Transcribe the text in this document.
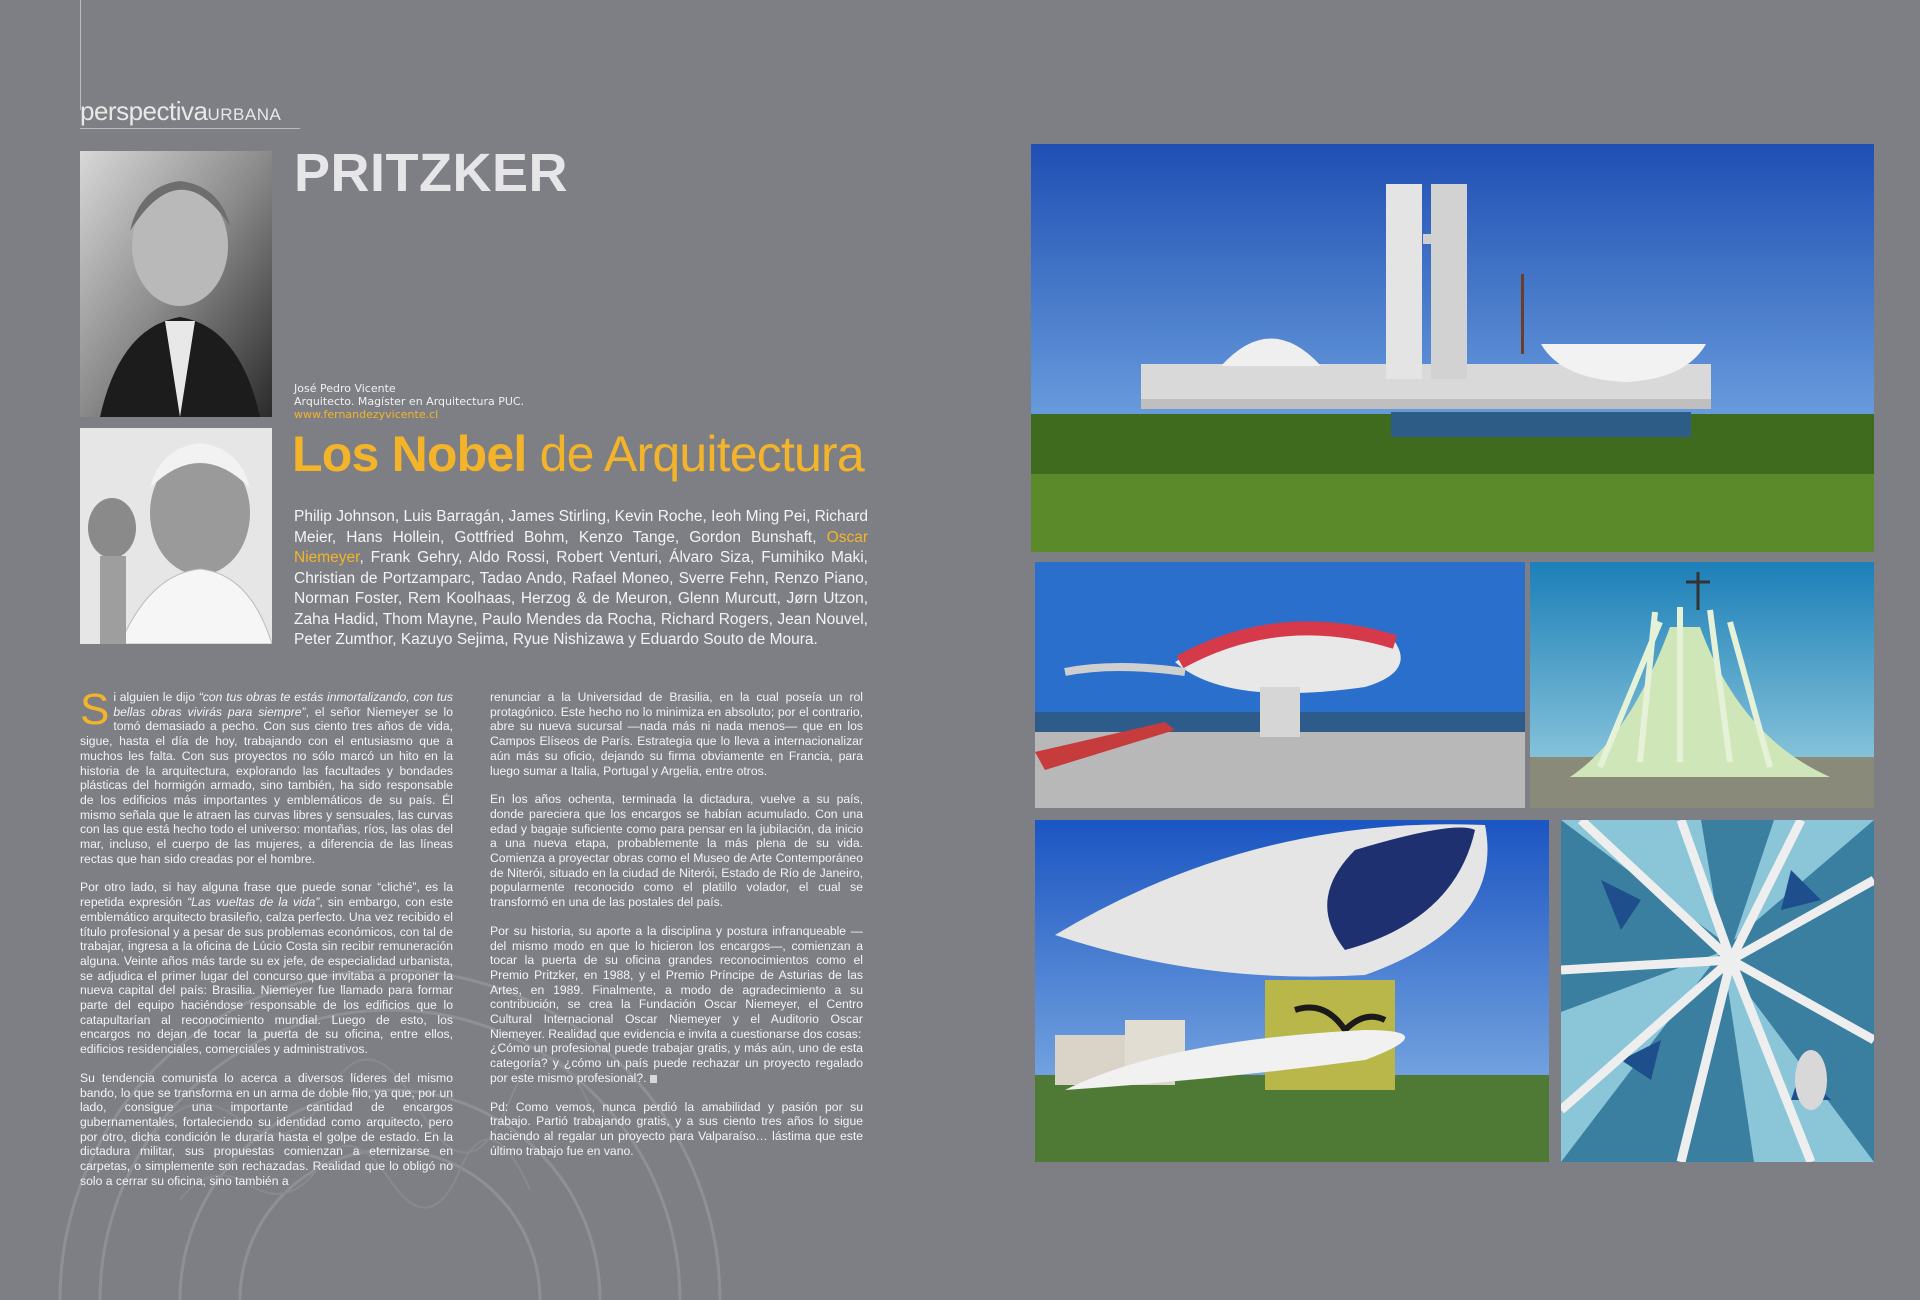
perspectivaURBANA
PRITZKER
José Pedro Vicente
Arquitecto. Magíster en Arquitectura PUC.
www.fernandezyvicente.cl
Los Nobel de Arquitectura
Philip Johnson, Luis Barragán, James Stirling, Kevin Roche, Ieoh Ming Pei, Richard Meier, Hans Hollein, Gottfried Bohm, Kenzo Tange, Gordon Bunshaft, Oscar Niemeyer, Frank Gehry, Aldo Rossi, Robert Venturi, Álvaro Siza, Fumihiko Maki, Christian de Portzamparc, Tadao Ando, Rafael Moneo, Sverre Fehn, Renzo Piano, Norman Foster, Rem Koolhaas, Herzog & de Meuron, Glenn Murcutt, Jørn Utzon, Zaha Hadid, Thom Mayne, Paulo Mendes da Rocha, Richard Rogers, Jean Nouvel, Peter Zumthor, Kazuyo Sejima, Ryue Nishizawa y Eduardo Souto de Moura.

Si alguien le dijo “con tus obras te estás inmortalizando, con tus bellas obras vivirás para siempre”, el señor Niemeyer se lo tomó demasiado a pecho. Con sus ciento tres años de vida, sigue, hasta el día de hoy, trabajando con el entusiasmo que a muchos les falta. Con sus proyectos no sólo marcó un hito en la historia de la arquitectura, explorando las facultades y bondades plásticas del hormigón armado, sino también, ha sido responsable de los edificios más importantes y emblemáticos de su país. Él mismo señala que le atraen las curvas libres y sensuales, las curvas con las que está hecho todo el universo: montañas, ríos, las olas del mar, incluso, el cuerpo de las mujeres, a diferencia de las líneas rectas que han sido creadas por el hombre.

Por otro lado, si hay alguna frase que puede sonar “cliché”, es la repetida expresión “Las vueltas de la vida”, sin embargo, con este emblemático arquitecto brasileño, calza perfecto. Una vez recibido el título profesional y a pesar de sus problemas económicos, con tal de trabajar, ingresa a la oficina de Lúcio Costa sin recibir remuneración alguna. Veinte años más tarde su ex jefe, de especialidad urbanista, se adjudica el primer lugar del concurso que invitaba a proponer la nueva capital del país: Brasilia. Niemeyer fue llamado para formar parte del equipo haciéndose responsable de los edificios que lo catapultarían al reconocimiento mundial. Luego de esto, los encargos no dejan de tocar la puerta de su oficina, entre ellos, edificios residenciales, comerciales y administrativos.

Su tendencia comunista lo acerca a diversos líderes del mismo bando, lo que se transforma en un arma de doble filo, ya que, por un lado, consigue una importante cantidad de encargos gubernamentales, fortaleciendo su identidad como arquitecto, pero por otro, dicha condición le duraría hasta el golpe de estado. En la dictadura militar, sus propuestas comienzan a eternizarse en carpetas, o simplemente son rechazadas. Realidad que lo obligó no solo a cerrar su oficina, sino también a

renunciar a la Universidad de Brasilia, en la cual poseía un rol protagónico. Este hecho no lo minimiza en absoluto; por el contrario, abre su nueva sucursal —nada más ni nada menos— que en los Campos Elíseos de París. Estrategia que lo lleva a internacionalizar aún más su oficio, dejando su firma obviamente en Francia, para luego sumar a Italia, Portugal y Argelia, entre otros.

En los años ochenta, terminada la dictadura, vuelve a su país, donde pareciera que los encargos se habían acumulado. Con una edad y bagaje suficiente como para pensar en la jubilación, da inicio a una nueva etapa, probablemente la más plena de su vida. Comienza a proyectar obras como el Museo de Arte Contemporáneo de Niterói, situado en la ciudad de Niterói, Estado de Río de Janeiro, popularmente reconocido como el platillo volador, el cual se transformó en una de las postales del país.

Por su historia, su aporte a la disciplina y postura infranqueable —del mismo modo en que lo hicieron los encargos—, comienzan a tocar la puerta de su oficina grandes reconocimientos como el Premio Pritzker, en 1988, y el Premio Príncipe de Asturias de las Artes, en 1989. Finalmente, a modo de agradecimiento a su contribución, se crea la Fundación Oscar Niemeyer, el Centro Cultural Internacional Oscar Niemeyer y el Auditorio Oscar Niemeyer. Realidad que evidencia e invita a cuestionarse dos cosas:

¿Cómo un profesional puede trabajar gratis, y más aún, uno de esta categoría? y ¿cómo un país puede rechazar un proyecto regalado por este mismo profesional?.

Pd: Como vemos, nunca perdió la amabilidad y pasión por su trabajo. Partió trabajando gratis, y a sus ciento tres años lo sigue haciendo al regalar un proyecto para Valparaíso… lástima que este último trabajo fue en vano.
